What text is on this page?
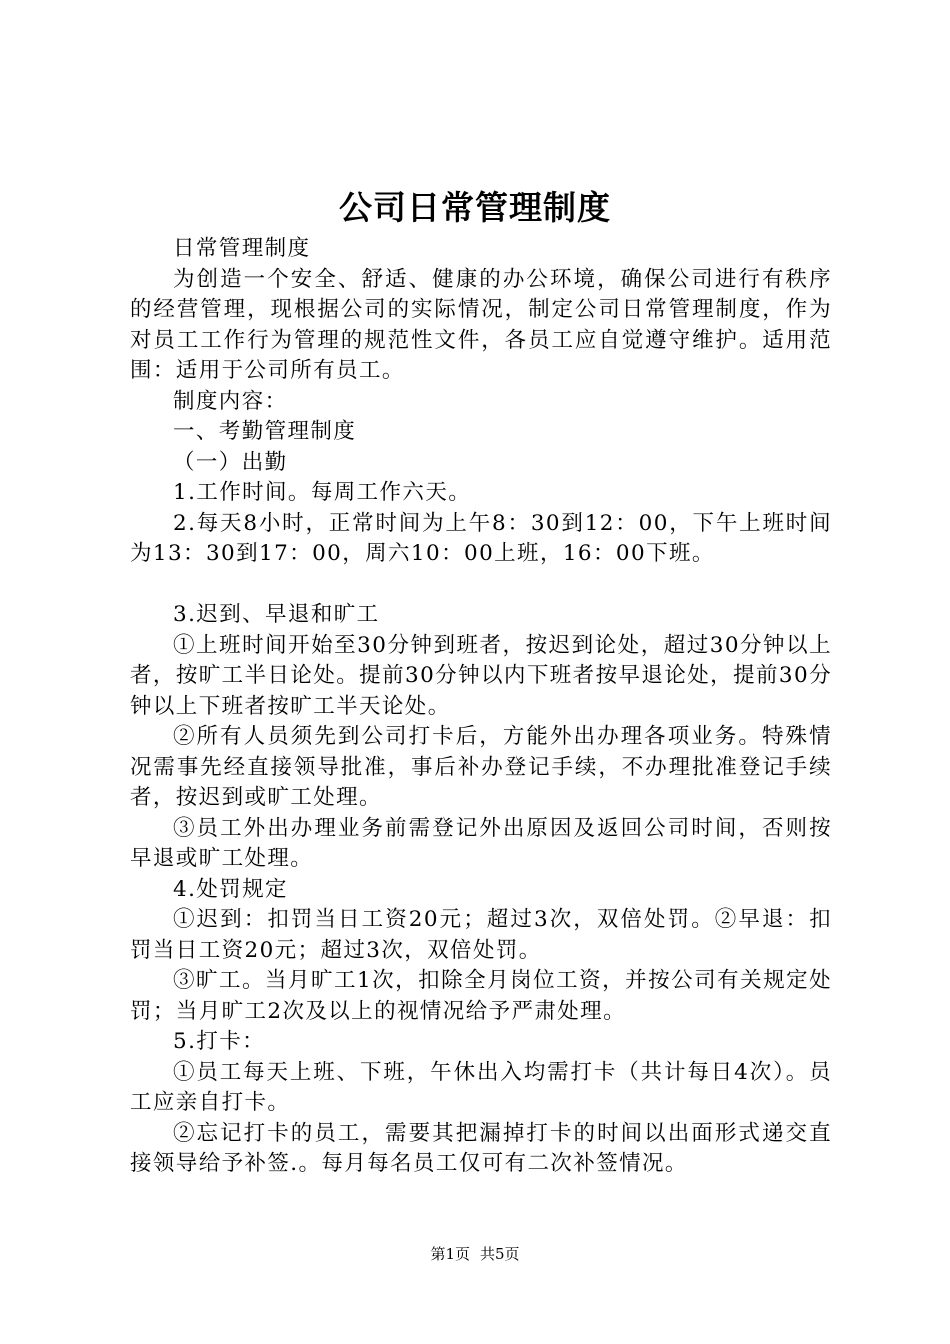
公司日常管理制度

日常管理制度

为创造一个安全、舒适、健康的办公环境，确保公司进行有秩序的经营管理，现根据公司的实际情况，制定公司日常管理制度，作为对员工工作行为管理的规范性文件，各员工应自觉遵守维护。适用范围：适用于公司所有员工。

制度内容：

一、考勤管理制度

（一）出勤

1.工作时间。每周工作六天。

2.每天8小时，正常时间为上午8：30到12：00，下午上班时间为13：30到17：00，周六10：00上班，16：00下班。

3.迟到、早退和旷工

①上班时间开始至30分钟到班者，按迟到论处，超过30分钟以上者，按旷工半日论处。提前30分钟以内下班者按早退论处，提前30分钟以上下班者按旷工半天论处。

②所有人员须先到公司打卡后，方能外出办理各项业务。特殊情况需事先经直接领导批准，事后补办登记手续，不办理批准登记手续者，按迟到或旷工处理。

③员工外出办理业务前需登记外出原因及返回公司时间，否则按早退或旷工处理。

4.处罚规定

①迟到：扣罚当日工资20元；超过3次，双倍处罚。②早退：扣罚当日工资20元；超过3次，双倍处罚。

③旷工。当月旷工1次，扣除全月岗位工资，并按公司有关规定处罚；当月旷工2次及以上的视情况给予严肃处理。

5.打卡：

①员工每天上班、下班，午休出入均需打卡（共计每日4次）。员工应亲自打卡。

②忘记打卡的员工，需要其把漏掉打卡的时间以出面形式递交直接领导给予补签.。每月每名员工仅可有二次补签情况。

第1页 共5页
